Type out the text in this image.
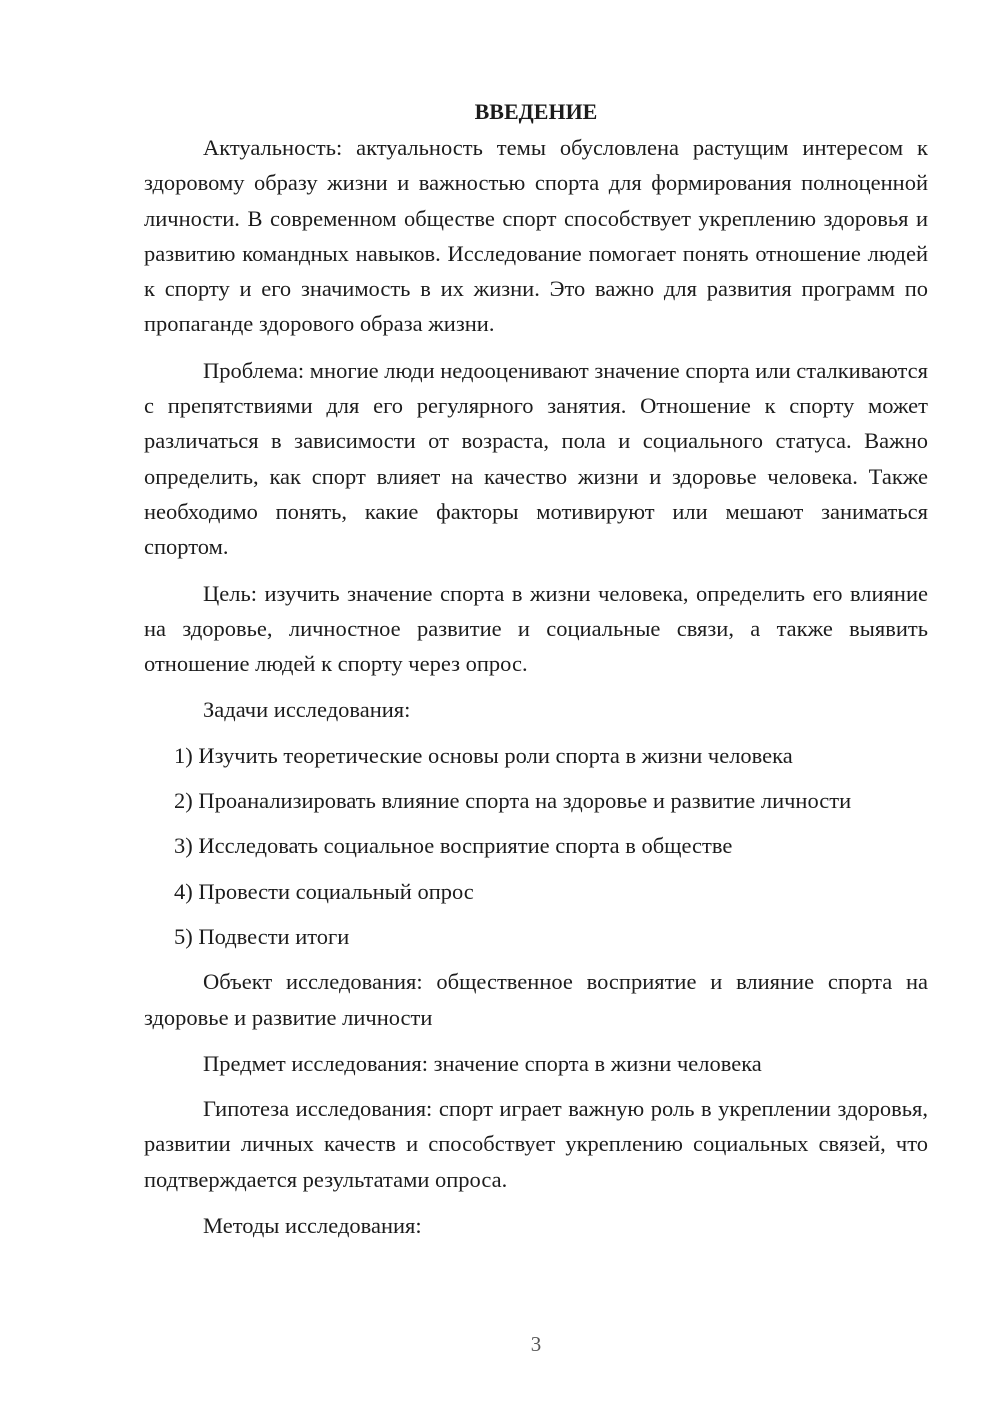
ВВЕДЕНИЕ

Актуальность: актуальность темы обусловлена растущим интересом к здоровому образу жизни и важностью спорта для формирования полноценной личности. В современном обществе спорт способствует укреплению здоровья и развитию командных навыков. Исследование помогает понять отношение людей к спорту и его значимость в их жизни. Это важно для развития программ по пропаганде здорового образа жизни.

Проблема: многие люди недооценивают значение спорта или сталкиваются с препятствиями для его регулярного занятия. Отношение к спорту может различаться в зависимости от возраста, пола и социального статуса. Важно определить, как спорт влияет на качество жизни и здоровье человека. Также необходимо понять, какие факторы мотивируют или мешают заниматься спортом.

Цель: изучить значение спорта в жизни человека, определить его влияние на здоровье, личностное развитие и социальные связи, а также выявить отношение людей к спорту через опрос.

Задачи исследования:

1) Изучить теоретические основы роли спорта в жизни человека
2) Проанализировать влияние спорта на здоровье и развитие личности
3) Исследовать социальное восприятие спорта в обществе
4) Провести социальный опрос
5) Подвести итоги

Объект исследования: общественное восприятие и влияние спорта на здоровье и развитие личности

Предмет исследования: значение спорта в жизни человека

Гипотеза исследования: спорт играет важную роль в укреплении здоровья, развитии личных качеств и способствует укреплению социальных связей, что подтверждается результатами опроса.

Методы исследования:

3
